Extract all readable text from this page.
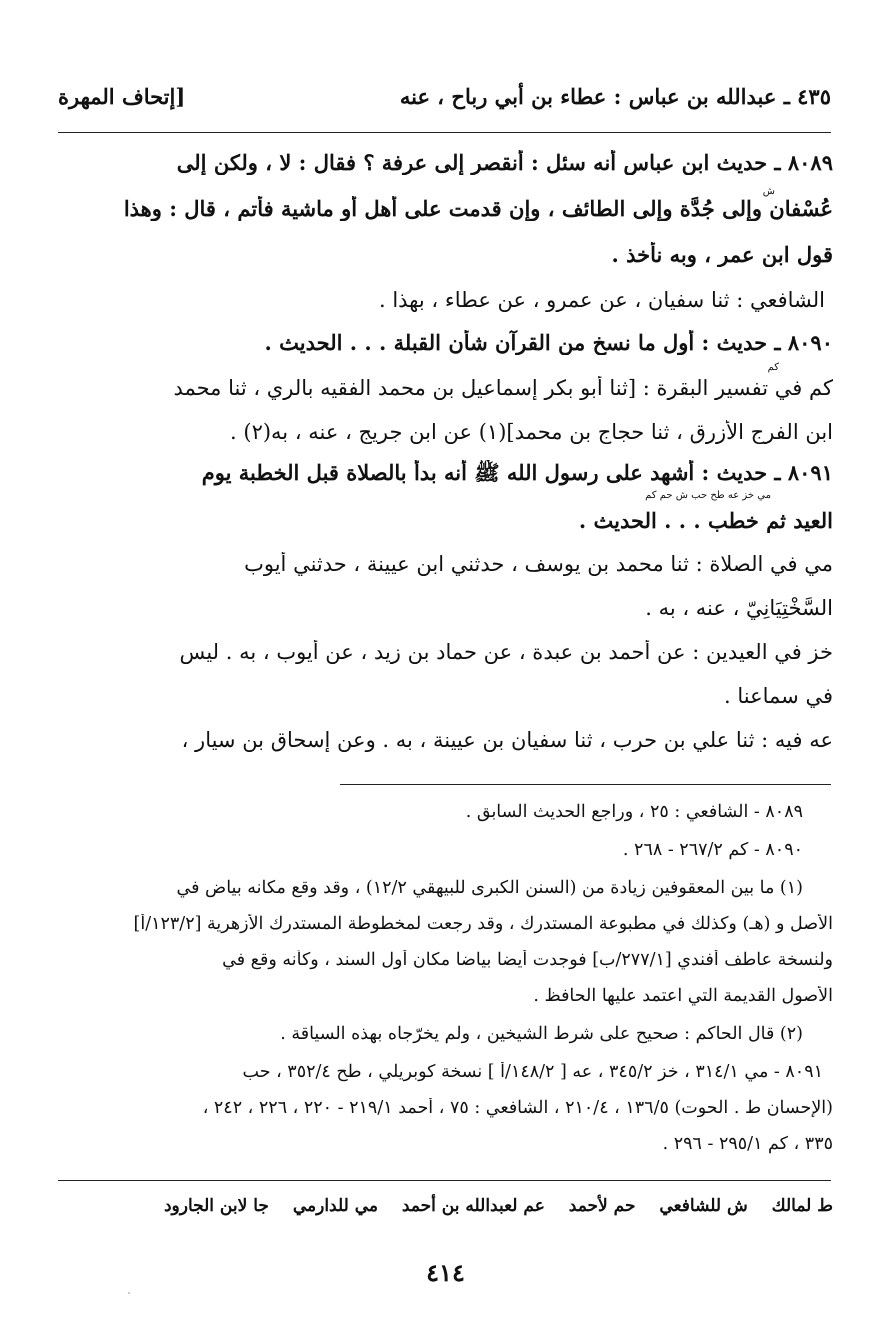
٤٣٥ ـ عبدالله بن عباس : عطاء بن أبي رباح ، عنه
[إتحاف المهرة
٨٠٨٩ ـ حديث ابن عباس أنه سئل : أنقصر إلى عرفة ؟ فقال : لا ، ولكن إلى
عُسْفان وإلى جُدَّة وإلى الطائف ، وإن قدمت على أهل أو ماشية فأتم ، قال : وهذا
قول ابن عمر ، وبه نأخذ .
الشافعي : ثنا سفيان ، عن عمرو ، عن عطاء ، بهذا .
٨٠٩٠ ـ حديث : أول ما نسخ من القرآن شأن القبلة . . . الحديث .
كم في تفسير البقرة : [ثنا أبو بكر إسماعيل بن محمد الفقيه بالري ، ثنا محمد
ابن الفرج الأزرق ، ثنا حجاج بن محمد](١) عن ابن جريج ، عنه ، به(٢) .
٨٠٩١ ـ حديث : أشهد على رسول الله ﷺ أنه بدأ بالصلاة قبل الخطبة يوم
العيد ثم خطب . . . الحديث .
مي في الصلاة : ثنا محمد بن يوسف ، حدثني ابن عيينة ، حدثني أيوب
السَّخْتِيَانِيّ ، عنه ، به .
خز في العيدين : عن أحمد بن عبدة ، عن حماد بن زيد ، عن أيوب ، به . ليس
في سماعنا .
عه فيه : ثنا علي بن حرب ، ثنا سفيان بن عيينة ، به . وعن إسحاق بن سيار ،
ش
كم
مي خز عه طح حب ش حم كم
٨٠٨٩ - الشافعي : ٢٥ ، وراجع الحديث السابق .
٨٠٩٠ - كم ٢٦٧/٢ - ٢٦٨ .
(١) ما بين المعقوفين زيادة من (السنن الكبرى للبيهقي ١٢/٢) ، وقد وقع مكانه بياض في
الأصل و (هـ) وكذلك في مطبوعة المستدرك ، وقد رجعت لمخطوطة المستدرك الأزهرية [١٢٣/٢/أ]
ولنسخة عاطف أفندي [٢٧٧/١/ب] فوجدت أيضا بياضا مكان أول السند ، وكأنه وقع في
الأصول القديمة التي اعتمد عليها الحافظ .
(٢) قال الحاكم : صحيح على شرط الشيخين ، ولم يخرّجاه بهذه السياقة .
٨٠٩١ - مي ٣١٤/١ ، خز ٣٤٥/٢ ، عه [ ١٤٨/٢/أ ] نسخة كوبريلي ، طح ٣٥٢/٤ ، حب
(الإحسان ط . الحوت) ١٣٦/٥ ، ٢١٠/٤ ، الشافعي : ٧٥ ، أحمد ٢١٩/١ - ٢٢٠ ، ٢٢٦ ، ٢٤٢ ،
٣٣٥ ، كم ٢٩٥/١ - ٢٩٦ .
ط لمالك ش للشافعي حم لأحمد عم لعبدالله بن أحمد مي للدارمي جا لابن الجارود
٤١٤
